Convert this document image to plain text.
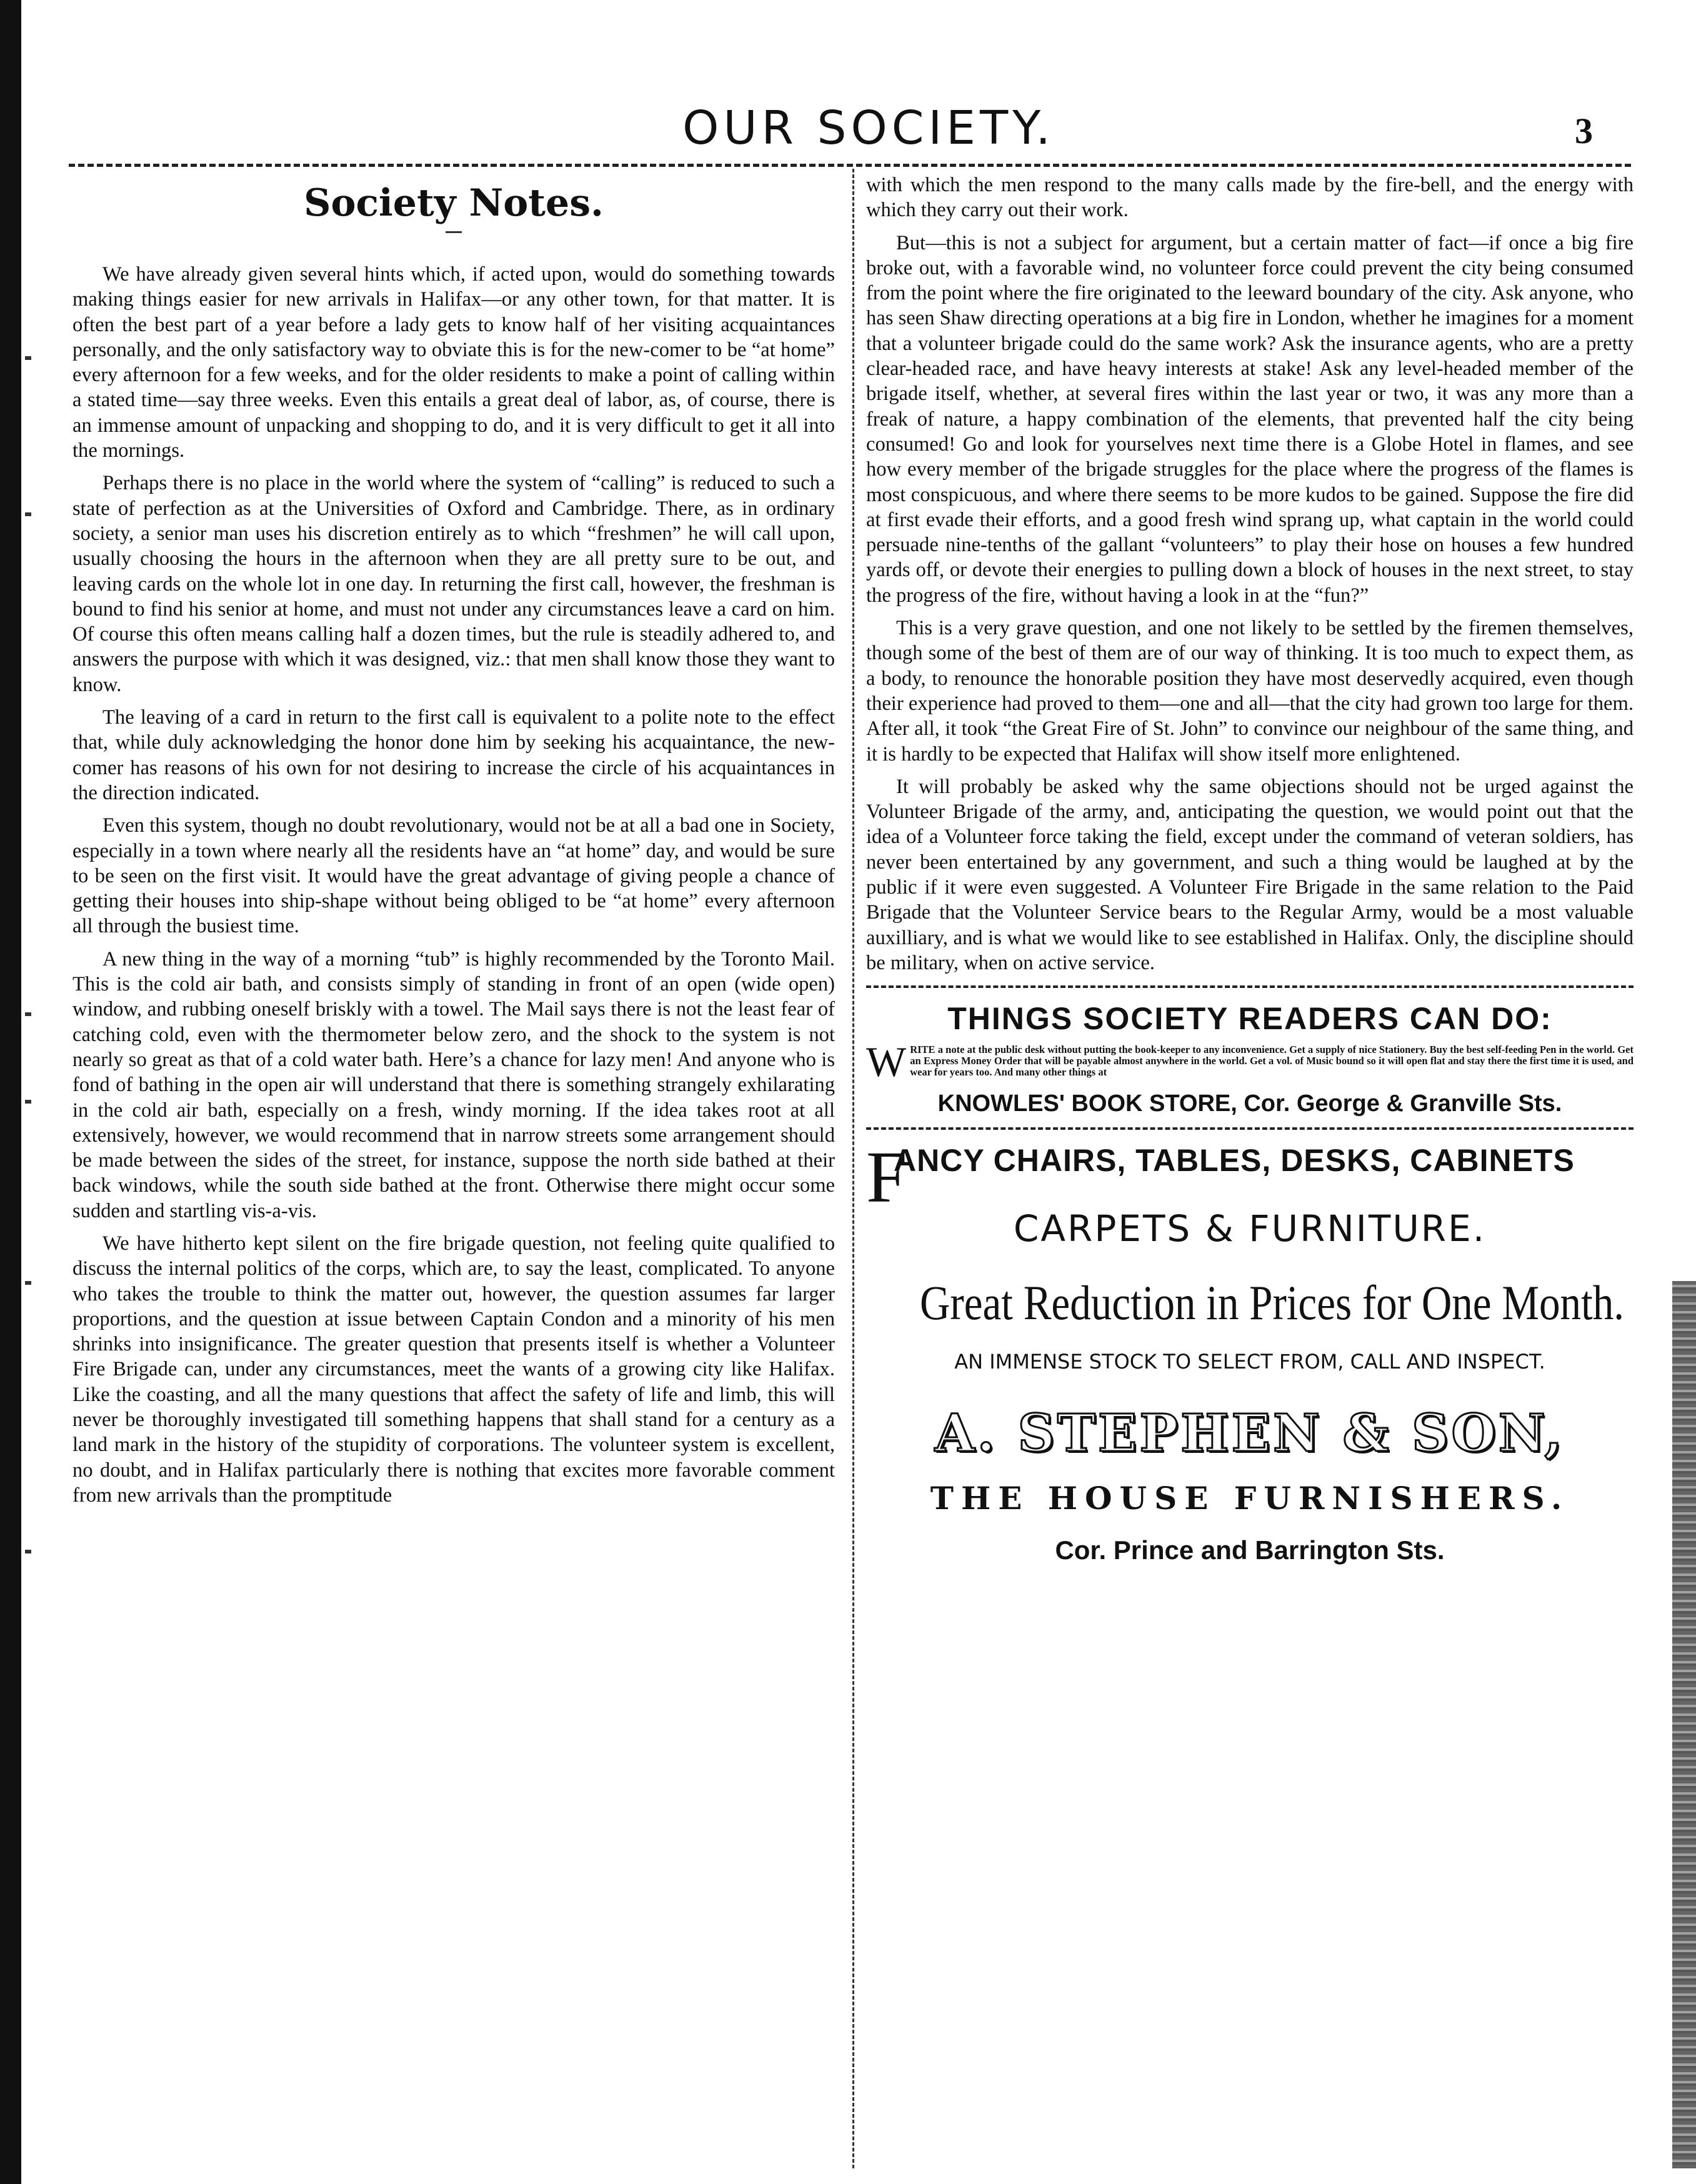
OUR SOCIETY.	3
Society Notes.

We have already given several hints which, if acted upon, would do something towards making things easier for new arrivals in Halifax—or any other town, for that matter. It is often the best part of a year before a lady gets to know half of her visiting acquaintances personally, and the only satisfactory way to obviate this is for the new-comer to be “at home” every afternoon for a few weeks, and for the older residents to make a point of calling within a stated time—say three weeks. Even this entails a great deal of labor, as, of course, there is an immense amount of unpacking and shopping to do, and it is very difficult to get it all into the mornings.

Perhaps there is no place in the world where the system of “calling” is reduced to such a state of perfection as at the Universities of Oxford and Cambridge. There, as in ordinary society, a senior man uses his discretion entirely as to which “freshmen” he will call upon, usually choosing the hours in the afternoon when they are all pretty sure to be out, and leaving cards on the whole lot in one day. In returning the first call, however, the freshman is bound to find his senior at home, and must not under any circumstances leave a card on him. Of course this often means calling half a dozen times, but the rule is steadily adhered to, and answers the purpose with which it was designed, viz.: that men shall know those they want to know.

The leaving of a card in return to the first call is equivalent to a polite note to the effect that, while duly acknowledging the honor done him by seeking his acquaintance, the new-comer has reasons of his own for not desiring to increase the circle of his acquaintances in the direction indicated.

Even this system, though no doubt revolutionary, would not be at all a bad one in Society, especially in a town where nearly all the residents have an “at home” day, and would be sure to be seen on the first visit. It would have the great advantage of giving people a chance of getting their houses into ship-shape without being obliged to be “at home” every afternoon all through the busiest time.

A new thing in the way of a morning “tub” is highly recommended by the Toronto Mail. This is the cold air bath, and consists simply of standing in front of an open (wide open) window, and rubbing oneself briskly with a towel. The Mail says there is not the least fear of catching cold, even with the thermometer below zero, and the shock to the system is not nearly so great as that of a cold water bath. Here’s a chance for lazy men! And anyone who is fond of bathing in the open air will understand that there is something strangely exhilarating in the cold air bath, especially on a fresh, windy morning. If the idea takes root at all extensively, however, we would recommend that in narrow streets some arrangement should be made between the sides of the street, for instance, suppose the north side bathed at their back windows, while the south side bathed at the front. Otherwise there might occur some sudden and startling vis-a-vis.

We have hitherto kept silent on the fire brigade question, not feeling quite qualified to discuss the internal politics of the corps, which are, to say the least, complicated. To anyone who takes the trouble to think the matter out, however, the question assumes far larger proportions, and the question at issue between Captain Condon and a minority of his men shrinks into insignificance. The greater question that presents itself is whether a Volunteer Fire Brigade can, under any circumstances, meet the wants of a growing city like Halifax. Like the coasting, and all the many questions that affect the safety of life and limb, this will never be thoroughly investigated till something happens that shall stand for a century as a land mark in the history of the stupidity of corporations. The volunteer system is excellent, no doubt, and in Halifax particularly there is nothing that excites more favorable comment from new arrivals than the promptitude

with which the men respond to the many calls made by the fire-bell, and the energy with which they carry out their work.

But—this is not a subject for argument, but a certain matter of fact—if once a big fire broke out, with a favorable wind, no volunteer force could prevent the city being consumed from the point where the fire originated to the leeward boundary of the city. Ask anyone, who has seen Shaw directing operations at a big fire in London, whether he imagines for a moment that a volunteer brigade could do the same work? Ask the insurance agents, who are a pretty clear-headed race, and have heavy interests at stake! Ask any level-headed member of the brigade itself, whether, at several fires within the last year or two, it was any more than a freak of nature, a happy combination of the elements, that prevented half the city being consumed! Go and look for yourselves next time there is a Globe Hotel in flames, and see how every member of the brigade struggles for the place where the progress of the flames is most conspicuous, and where there seems to be more kudos to be gained. Suppose the fire did at first evade their efforts, and a good fresh wind sprang up, what captain in the world could persuade nine-tenths of the gallant “volunteers” to play their hose on houses a few hundred yards off, or devote their energies to pulling down a block of houses in the next street, to stay the progress of the fire, without having a look in at the “fun?”

This is a very grave question, and one not likely to be settled by the firemen themselves, though some of the best of them are of our way of thinking. It is too much to expect them, as a body, to renounce the honorable position they have most deservedly acquired, even though their experience had proved to them—one and all—that the city had grown too large for them. After all, it took “the Great Fire of St. John” to convince our neighbour of the same thing, and it is hardly to be expected that Halifax will show itself more enlightened.

It will probably be asked why the same objections should not be urged against the Volunteer Brigade of the army, and, anticipating the question, we would point out that the idea of a Volunteer force taking the field, except under the command of veteran soldiers, has never been entertained by any government, and such a thing would be laughed at by the public if it were even suggested. A Volunteer Fire Brigade in the same relation to the Paid Brigade that the Volunteer Service bears to the Regular Army, would be a most valuable auxilliary, and is what we would like to see established in Halifax. Only, the discipline should be military, when on active service.

THINGS SOCIETY READERS CAN DO:
W RITE a note at the public desk without putting the book-keeper to any inconvenience. Get a supply of nice Stationery. Buy the best self-feeding Pen in the world. Get an Express Money Order that will be payable almost anywhere in the world. Get a vol. of Music bound so it will open flat and stay there the first time it is used, and wear for years too. And many other things at
KNOWLES' BOOK STORE, Cor. George & Granville Sts.
F
ANCY CHAIRS, TABLES, DESKS, CABINETS
CARPETS & FURNITURE.
Great Reduction in Prices for One Month.
AN IMMENSE STOCK TO SELECT FROM, CALL AND INSPECT.
A. STEPHEN & SON,
THE HOUSE FURNISHERS.
Cor. Prince and Barrington Sts.
